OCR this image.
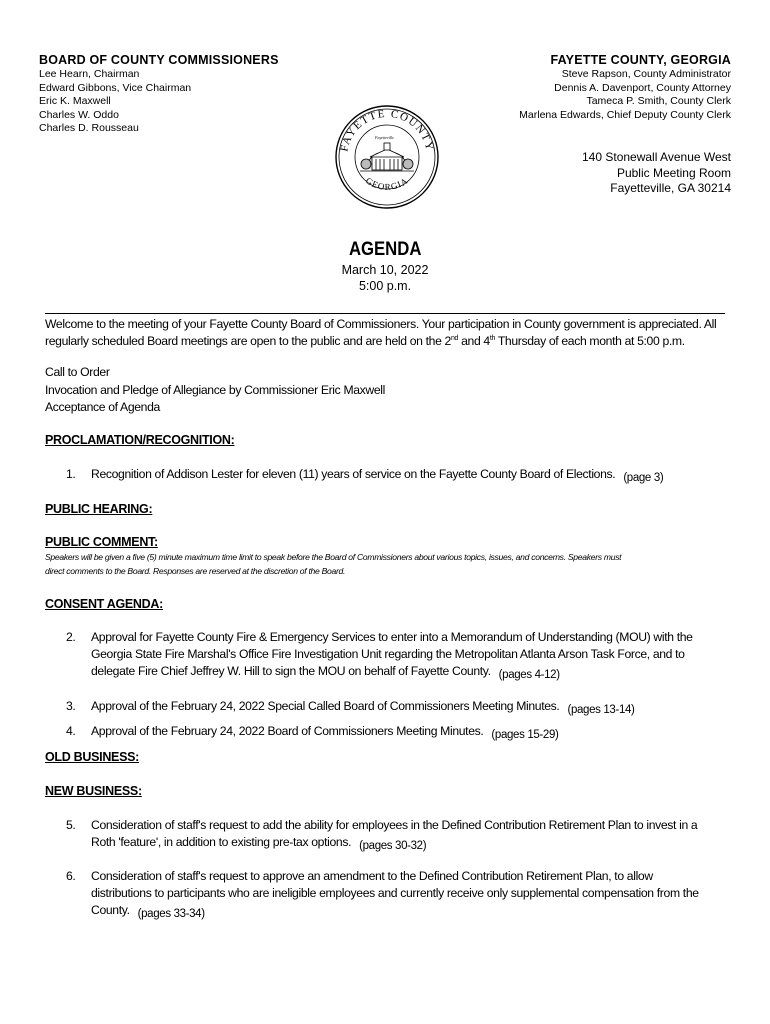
BOARD OF COUNTY COMMISSIONERS
Lee Hearn, Chairman
Edward Gibbons, Vice Chairman
Eric K. Maxwell
Charles W. Oddo
Charles D. Rousseau
FAYETTE COUNTY, GEORGIA
Steve Rapson, County Administrator
Dennis A. Davenport, County Attorney
Tameca P. Smith, County Clerk
Marlena Edwards, Chief Deputy County Clerk
FAYETTE COUNTY
GEORGIA
Fayetteville
140 Stonewall Avenue West
Public Meeting Room
Fayetteville, GA 30214
AGENDA
March 10, 2022
5:00 p.m.
Welcome to the meeting of your Fayette County Board of Commissioners. Your participation in County government is appreciated. All
regularly scheduled Board meetings are open to the public and are held on the 2nd and 4th Thursday of each month at 5:00 p.m.
Call to Order
Invocation and Pledge of Allegiance by Commissioner Eric Maxwell
Acceptance of Agenda
PROCLAMATION/RECOGNITION:
1. Recognition of Addison Lester for eleven (11) years of service on the Fayette County Board of Elections. (page 3)
PUBLIC HEARING:
PUBLIC COMMENT:
Speakers will be given a five (5) minute maximum time limit to speak before the Board of Commissioners about various topics, issues, and concerns. Speakers must
direct comments to the Board. Responses are reserved at the discretion of the Board.
CONSENT AGENDA:
2. Approval for Fayette County Fire & Emergency Services to enter into a Memorandum of Understanding (MOU) with the
Georgia State Fire Marshal's Office Fire Investigation Unit regarding the Metropolitan Atlanta Arson Task Force, and to
delegate Fire Chief Jeffrey W. Hill to sign the MOU on behalf of Fayette County. (pages 4-12)
3. Approval of the February 24, 2022 Special Called Board of Commissioners Meeting Minutes. (pages 13-14)
4. Approval of the February 24, 2022 Board of Commissioners Meeting Minutes. (pages 15-29)
OLD BUSINESS:
NEW BUSINESS:
5. Consideration of staff's request to add the ability for employees in the Defined Contribution Retirement Plan to invest in a
Roth 'feature', in addition to existing pre-tax options. (pages 30-32)
6. Consideration of staff's request to approve an amendment to the Defined Contribution Retirement Plan, to allow
distributions to participants who are ineligible employees and currently receive only supplemental compensation from the
County. (pages 33-34)
